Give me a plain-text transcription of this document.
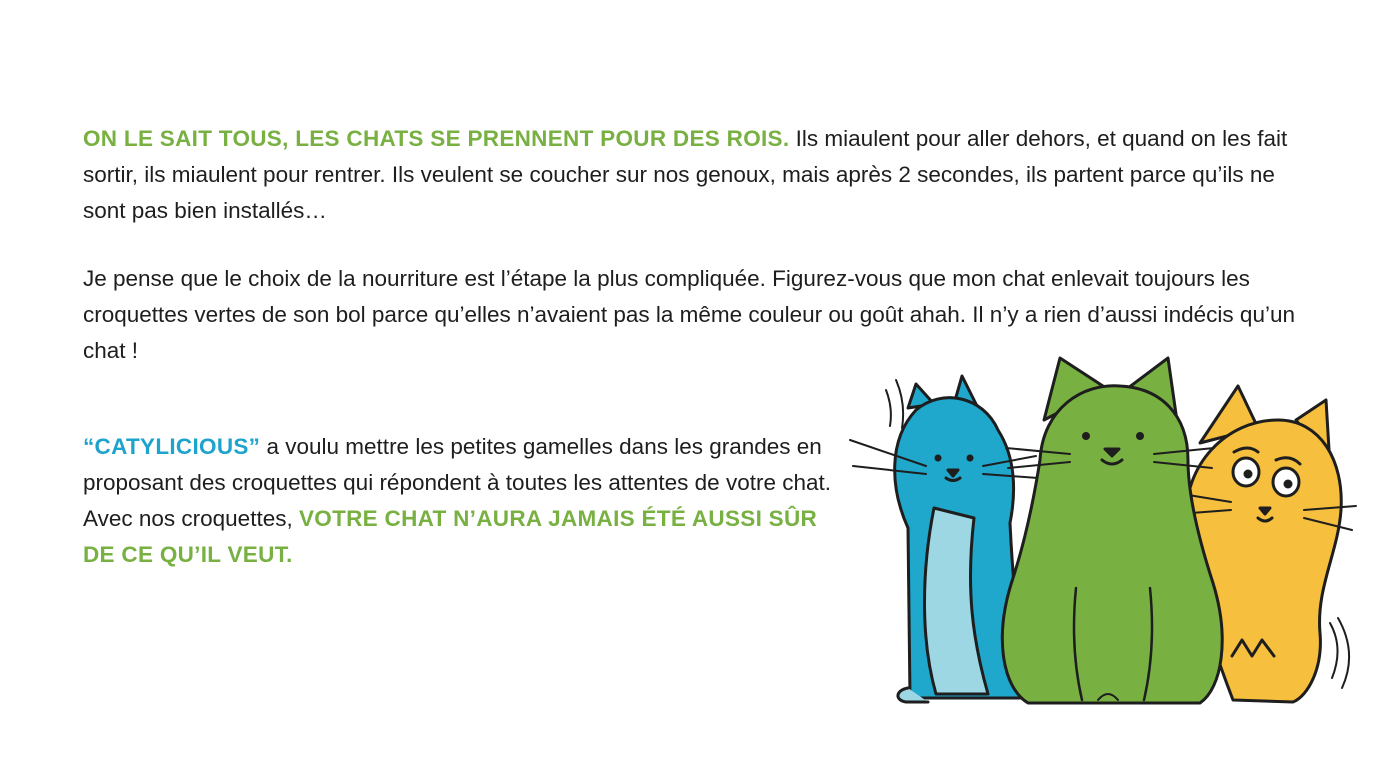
ON LE SAIT TOUS, LES CHATS SE PRENNENT POUR DES ROIS. Ils miaulent pour aller dehors, et quand on les fait sortir, ils miaulent pour rentrer. Ils veulent se coucher sur nos genoux, mais après 2 secondes, ils partent parce qu’ils ne sont pas bien installés…

Je pense que le choix de la nourriture est l’étape la plus compliquée. Figurez-vous que mon chat enlevait toujours les croquettes vertes de son bol parce qu’elles n’avaient pas la même couleur ou goût ahah. Il n’y a rien d’aussi indécis qu’un chat !

“CATYLICIOUS” a voulu mettre les petites gamelles dans les grandes en proposant des croquettes qui répondent à toutes les attentes de votre chat. Avec nos croquettes, VOTRE CHAT N’AURA JAMAIS ÉTÉ AUSSI SÛR DE CE QU’IL VEUT.
